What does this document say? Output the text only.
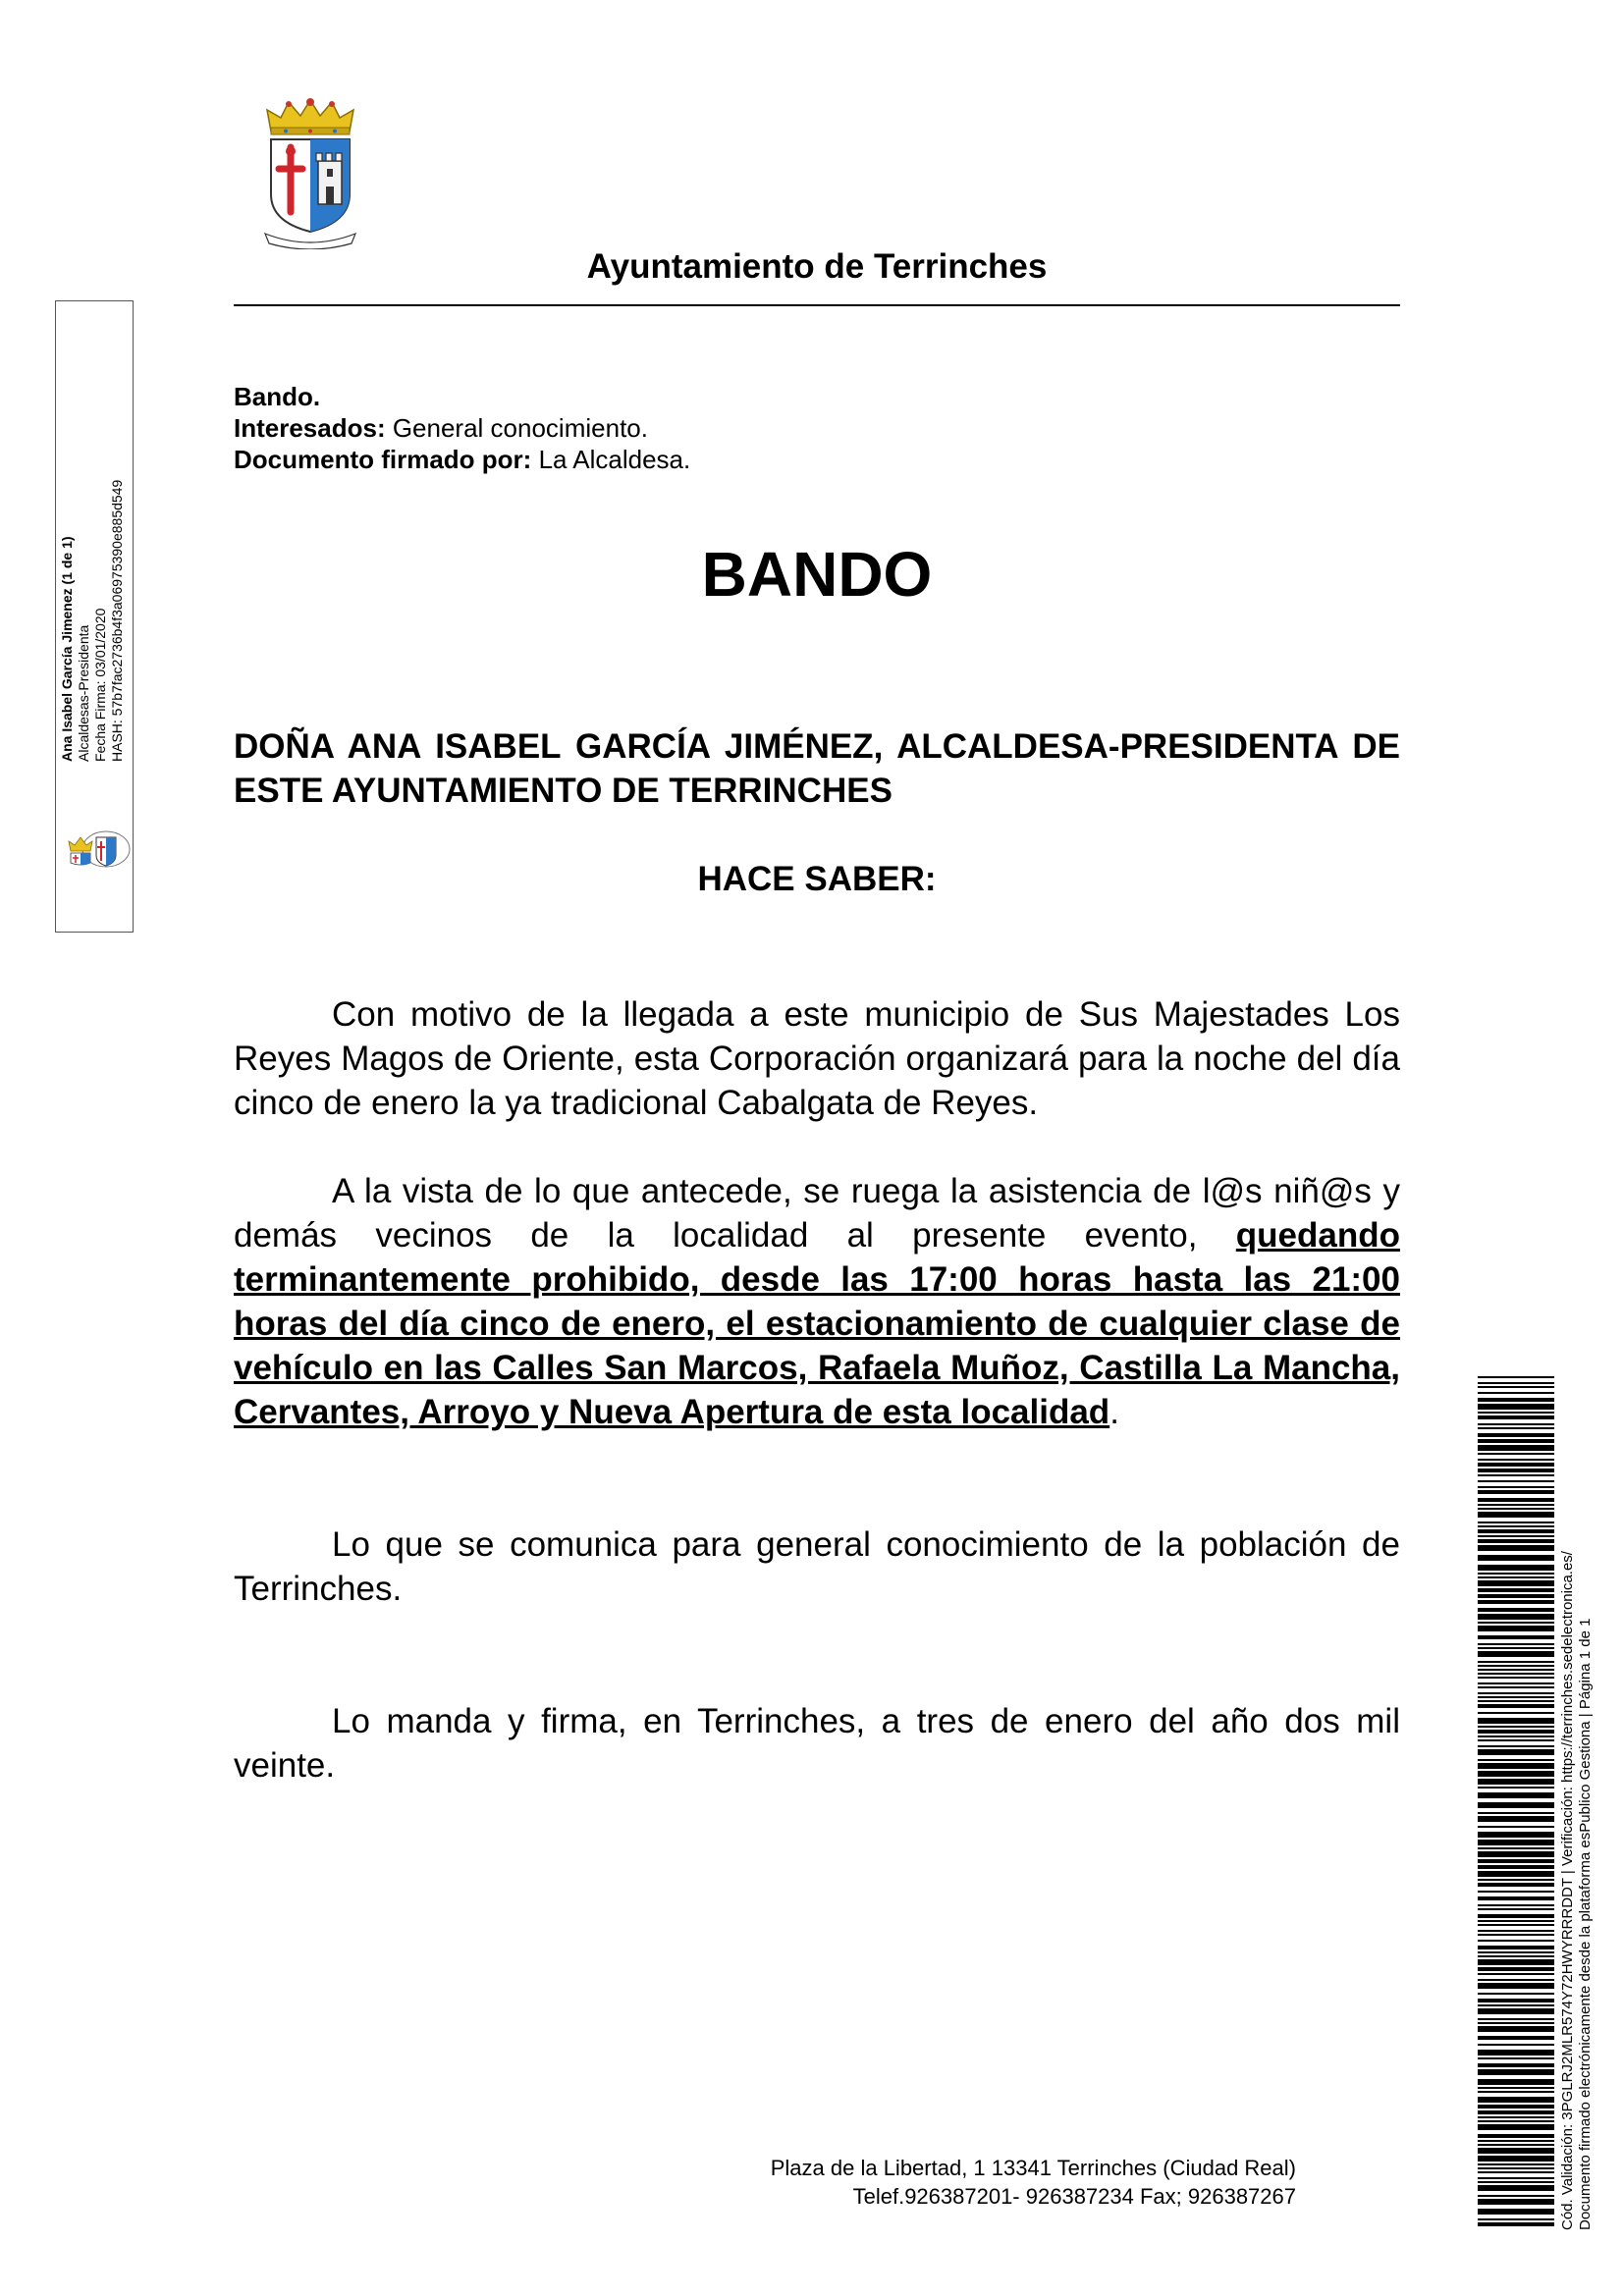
Ayuntamiento de Terrinches
Bando.
Interesados: General conocimiento.
Documento firmado por: La Alcaldesa.
BANDO
DOÑA ANA ISABEL GARCÍA JIMÉNEZ, ALCALDESA-PRESIDENTA DE ESTE AYUNTAMIENTO DE TERRINCHES
HACE SABER:
Con motivo de la llegada a este municipio de Sus Majestades Los Reyes Magos de Oriente, esta Corporación organizará para la noche del día cinco de enero la ya tradicional Cabalgata de Reyes.
A la vista de lo que antecede, se ruega la asistencia de l@s niñ@s y demás vecinos de la localidad al presente evento, quedando terminantemente prohibido, desde las 17:00 horas hasta las 21:00 horas del día cinco de enero, el estacionamiento de cualquier clase de vehículo en las Calles San Marcos, Rafaela Muñoz, Castilla La Mancha, Cervantes, Arroyo y Nueva Apertura de esta localidad.
Lo que se comunica para general conocimiento de la población de Terrinches.
Lo manda y firma, en Terrinches, a tres de enero del año dos mil veinte.
Plaza de la Libertad, 1 13341 Terrinches (Ciudad Real)
Telef.926387201- 926387234 Fax; 926387267
Ana Isabel García Jimenez (1 de 1) Alcaldesas-Presidenta Fecha Firma: 03/01/2020 HASH: 57b7fac2736b4f3a06975390e885d549
Cód. Validación: 3PGLRJ2MLR574Y72HWYRRRDDT | Verificación: https://terrinches.sedelectronica.es/ Documento firmado electrónicamente desde la plataforma esPublico Gestiona | Página 1 de 1
